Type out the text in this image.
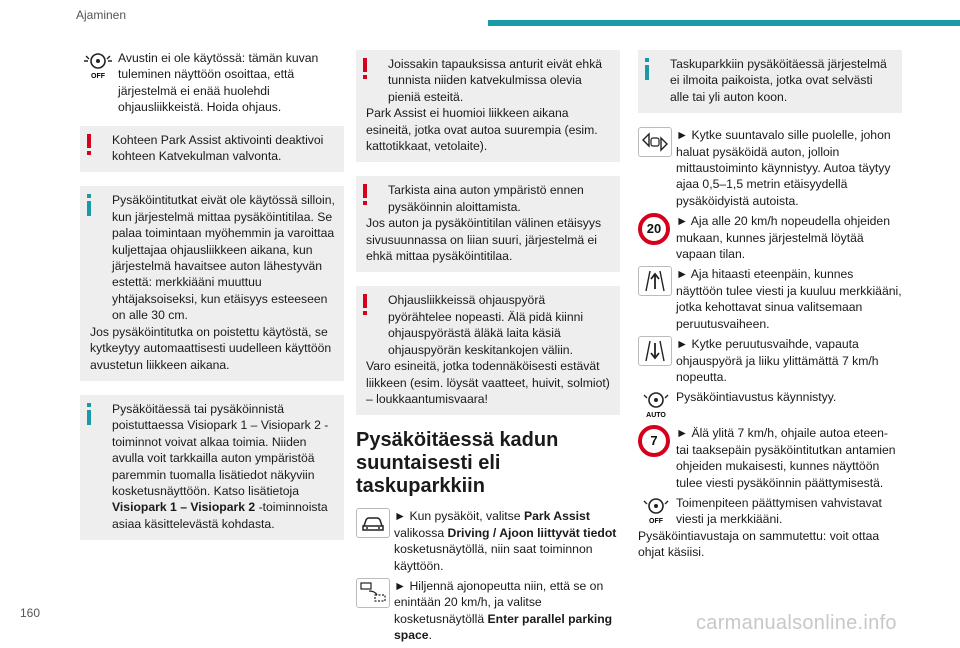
Ajaminen
OFF
Avustin ei ole käytössä: tämän kuvan tuleminen näyttöön osoittaa, että järjestelmä ei enää huolehdi ohjausliikkeistä. Hoida ohjaus.
Kohteen Park Assist aktivointi deaktivoi kohteen Katvekulman valvonta.
Pysäköintitutkat eivät ole käytössä silloin, kun järjestelmä mittaa pysäköintitilaa. Se palaa toimintaan myöhemmin ja varoittaa kuljettajaa ohjausliikkeen aikana, kun järjestelmä havaitsee auton lähestyvän estettä: merkkiääni muuttuu yhtäjaksoiseksi, kun etäisyys esteeseen on alle 30 cm.
Jos pysäköintitutka on poistettu käytöstä, se kytkeytyy automaattisesti uudelleen käyttöön avustetun liikkeen aikana.
Pysäköitäessä tai pysäköinnistä poistuttaessa Visiopark 1 – Visiopark 2 -toiminnot voivat alkaa toimia. Niiden avulla voit tarkkailla auton ympäristöä paremmin tuomalla lisätiedot näkyviin kosketusnäyttöön. Katso lisätietoja Visiopark 1 – Visiopark 2 -toiminnoista asiaa käsittelevästä kohdasta.
Joissakin tapauksissa anturit eivät ehkä tunnista niiden katvekulmissa olevia pieniä esteitä.
Park Assist ei huomioi liikkeen aikana esineitä, jotka ovat autoa suurempia (esim. kattotikkaat, vetolaite).
Tarkista aina auton ympäristö ennen pysäköinnin aloittamista.
Jos auton ja pysäköintitilan välinen etäisyys sivusuunnassa on liian suuri, järjestelmä ei ehkä mittaa pysäköintitilaa.
Ohjausliikkeissä ohjauspyörä pyörähtelee nopeasti. Älä pidä kiinni ohjauspyörästä äläkä laita käsiä ohjauspyörän keskitankojen väliin.
Varo esineitä, jotka todennäköisesti estävät liikkeen (esim. löysät vaatteet, huivit, solmiot) – loukkaantumisvaara!
Pysäköitäessä kadun suuntaisesti eli taskuparkkiin
► Kun pysäköit, valitse Park Assist valikossa Driving / Ajoon liittyvät tiedot kosketusnäytöllä, niin saat toiminnon käyttöön.
► Hiljennä ajonopeutta niin, että se on enintään 20 km/h, ja valitse kosketusnäytöllä Enter parallel parking space.
Taskuparkkiin pysäköitäessä järjestelmä ei ilmoita paikoista, jotka ovat selvästi alle tai yli auton koon.
► Kytke suuntavalo sille puolelle, johon haluat pysäköidä auton, jolloin mittaustoiminto käynnistyy. Autoa täytyy ajaa 0,5–1,5 metrin etäisyydellä pysäköidyistä autoista.
20	► Aja alle 20 km/h nopeudella ohjeiden mukaan, kunnes järjestelmä löytää vapaan tilan.
► Aja hitaasti eteenpäin, kunnes näyttöön tulee viesti ja kuuluu merkkiääni, jotka kehottavat sinua valitsemaan peruutusvaiheen.
► Kytke peruutusvaihde, vapauta ohjauspyörä ja liiku ylittämättä 7 km/h nopeutta.
AUTO
Pysäköintiavustus käynnistyy.
7	► Älä ylitä 7 km/h, ohjaile autoa eteen- tai taaksepäin pysäköintitutkan antamien ohjeiden mukaisesti, kunnes näyttöön tulee viesti pysäköinnin päättymisestä.
OFF
Toimenpiteen päättymisen vahvistavat viesti ja merkkiääni.
Pysäköintiavustaja on sammutettu: voit ottaa ohjat käsiisi.
160	carmanualsonline.info
